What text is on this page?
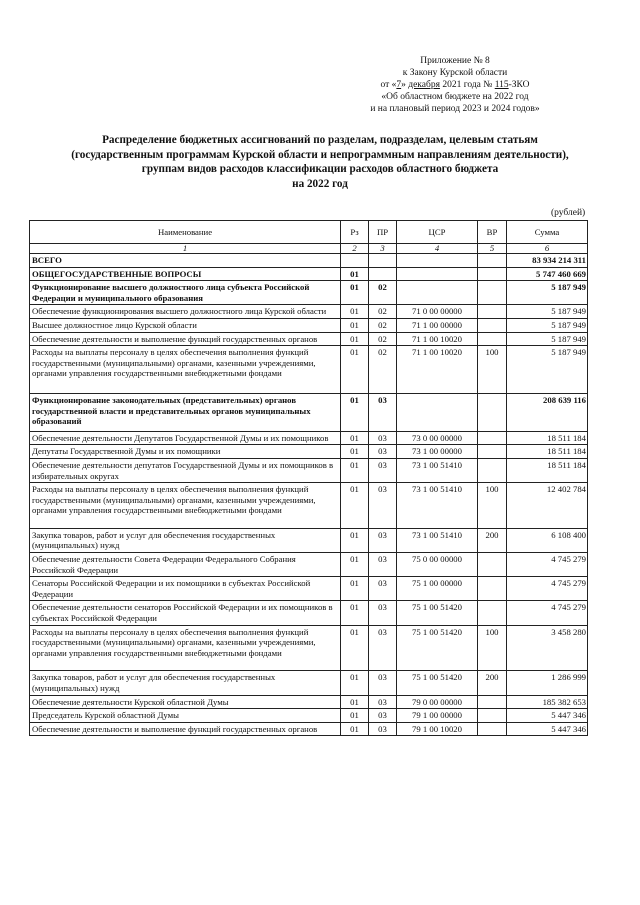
Приложение № 8
к Закону Курской области
от «7» декабря 2021 года № 115-ЗКО
«Об областном бюджете на 2022 год
и на плановый период 2023 и 2024 годов»
Распределение бюджетных ассигнований по разделам, подразделам, целевым статьям
(государственным программам Курской области и непрограммным направлениям деятельности),
группам видов расходов классификации расходов областного бюджета
на 2022 год
(рублей)
Наименование	Рз	ПР	ЦСР	ВР	Сумма
1	2	3	4	5	6
ВСЕГО					83 934 214 311
ОБЩЕГОСУДАРСТВЕННЫЕ ВОПРОСЫ	01				5 747 460 669
Функционирование высшего должностного лица субъекта Российской Федерации и муниципального образования	01	02			5 187 949
Обеспечение функционирования высшего должностного лица Курской области	01	02	71 0 00 00000		5 187 949
Высшее должностное лицо Курской области	01	02	71 1 00 00000		5 187 949
Обеспечение деятельности и выполнение функций государственных органов	01	02	71 1 00 10020		5 187 949
Расходы на выплаты персоналу в целях обеспечения выполнения функций государственными (муниципальными) органами, казенными учреждениями, органами управления государственными внебюджетными фондами	01	02	71 1 00 10020	100	5 187 949
Функционирование законодательных (представительных) органов государственной власти и представительных органов муниципальных образований	01	03			208 639 116
Обеспечение деятельности Депутатов Государственной Думы и их помощников	01	03	73 0 00 00000		18 511 184
Депутаты Государственной Думы и их помощники	01	03	73 1 00 00000		18 511 184
Обеспечение деятельности депутатов Государственной Думы и их помощников в избирательных округах	01	03	73 1 00 51410		18 511 184
Расходы на выплаты персоналу в целях обеспечения выполнения функций государственными (муниципальными) органами, казенными учреждениями, органами управления государственными внебюджетными фондами	01	03	73 1 00 51410	100	12 402 784
Закупка товаров, работ и услуг для обеспечения государственных (муниципальных) нужд	01	03	73 1 00 51410	200	6 108 400
Обеспечение деятельности Совета Федерации Федерального Собрания Российской Федерации	01	03	75 0 00 00000		4 745 279
Сенаторы Российской Федерации и их помощники в субъектах Российской Федерации	01	03	75 1 00 00000		4 745 279
Обеспечение деятельности сенаторов Российской Федерации и их помощников в субъектах Российской Федерации	01	03	75 1 00 51420		4 745 279
Расходы на выплаты персоналу в целях обеспечения выполнения функций государственными (муниципальными) органами, казенными учреждениями, органами управления государственными внебюджетными фондами	01	03	75 1 00 51420	100	3 458 280
Закупка товаров, работ и услуг для обеспечения государственных (муниципальных) нужд	01	03	75 1 00 51420	200	1 286 999
Обеспечение деятельности Курской областной Думы	01	03	79 0 00 00000		185 382 653
Председатель Курской областной Думы	01	03	79 1 00 00000		5 447 346
Обеспечение деятельности и выполнение функций государственных органов	01	03	79 1 00 10020		5 447 346
